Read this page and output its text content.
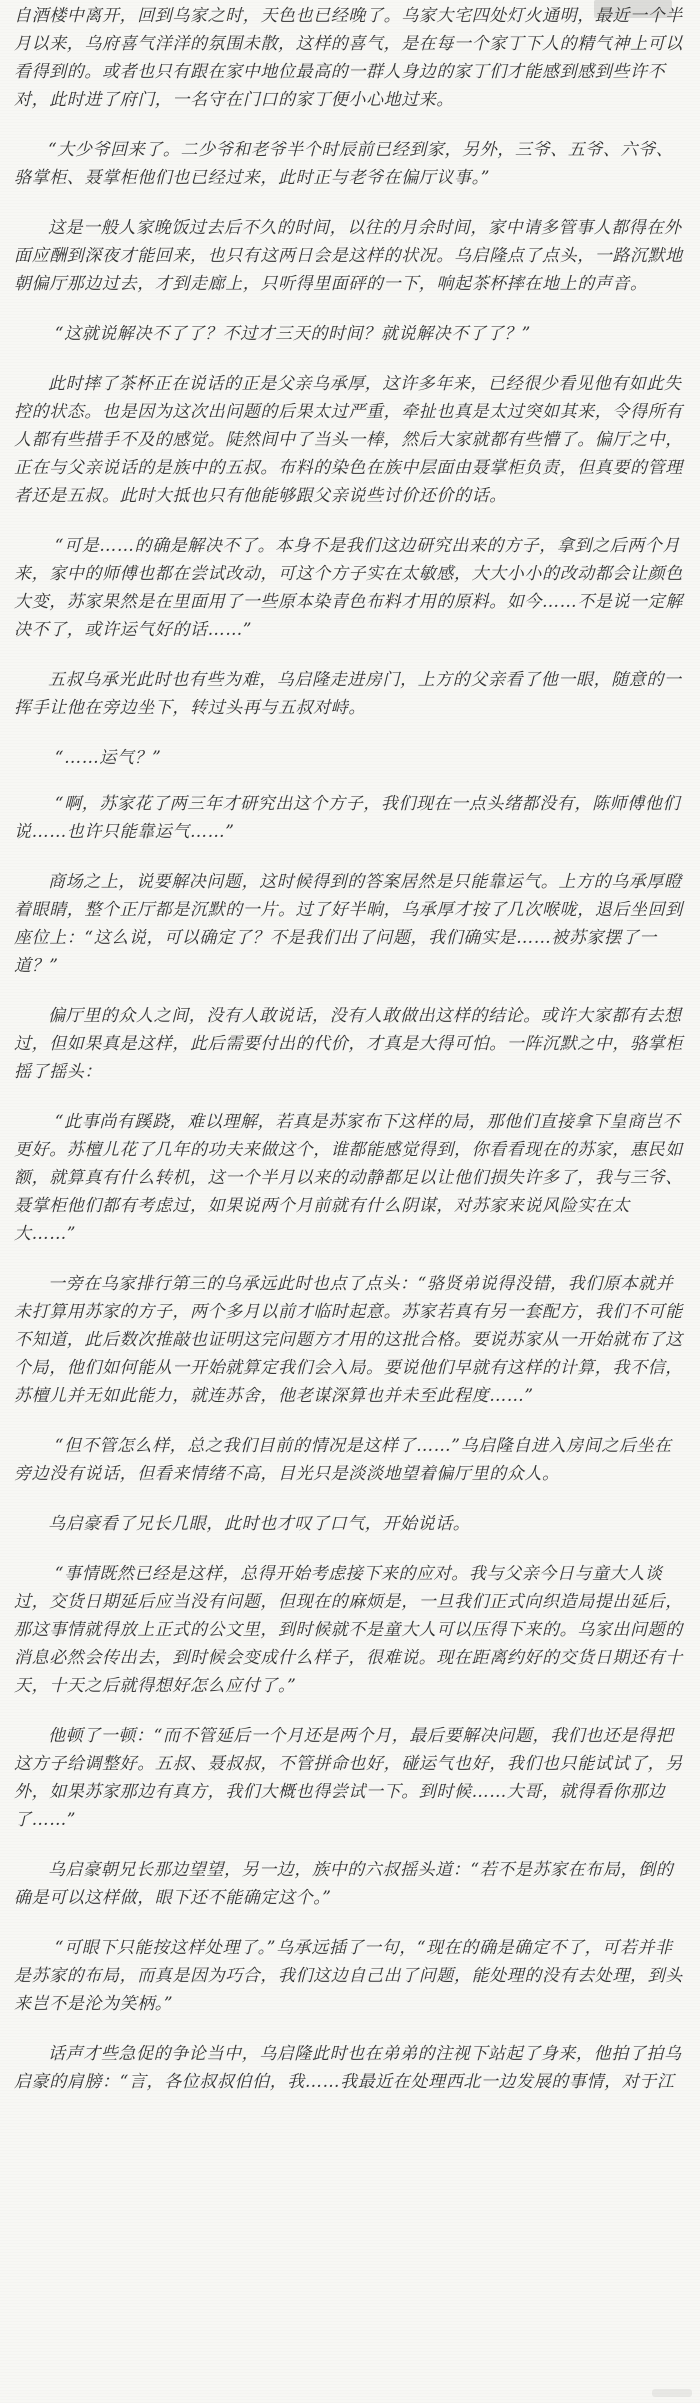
自酒楼中离开，回到乌家之时，天色也已经晚了。乌家大宅四处灯火通明，最近一个半月以来，乌府喜气洋洋的氛围未散，这样的喜气，是在每一个家丁下人的精气神上可以看得到的。或者也只有跟在家中地位最高的一群人身边的家丁们才能感到感到些许不对，此时进了府门，一名守在门口的家丁便小心地过来。

“大少爷回来了。二少爷和老爷半个时辰前已经到家，另外，三爷、五爷、六爷、骆掌柜、聂掌柜他们也已经过来，此时正与老爷在偏厅议事。”

这是一般人家晚饭过去后不久的时间，以往的月余时间，家中请多管事人都得在外面应酬到深夜才能回来，也只有这两日会是这样的状况。乌启隆点了点头，一路沉默地朝偏厅那边过去，才到走廊上，只听得里面砰的一下，响起茶杯摔在地上的声音。

“这就说解决不了了？不过才三天的时间？就说解决不了了？”

此时摔了茶杯正在说话的正是父亲乌承厚，这许多年来，已经很少看见他有如此失控的状态。也是因为这次出问题的后果太过严重，牵扯也真是太过突如其来，令得所有人都有些措手不及的感觉。陡然间中了当头一棒，然后大家就都有些懵了。偏厅之中，正在与父亲说话的是族中的五叔。布料的染色在族中层面由聂掌柜负责，但真要的管理者还是五叔。此时大抵也只有他能够跟父亲说些讨价还价的话。

“可是……的确是解决不了。本身不是我们这边研究出来的方子，拿到之后两个月来，家中的师傅也都在尝试改动，可这个方子实在太敏感，大大小小的改动都会让颜色大变，苏家果然是在里面用了一些原本染青色布料才用的原料。如今……不是说一定解决不了，或许运气好的话……”

五叔乌承光此时也有些为难，乌启隆走进房门，上方的父亲看了他一眼，随意的一挥手让他在旁边坐下，转过头再与五叔对峙。

“……运气？”

“啊，苏家花了两三年才研究出这个方子，我们现在一点头绪都没有，陈师傅他们说……也许只能靠运气……”

商场之上，说要解决问题，这时候得到的答案居然是只能靠运气。上方的乌承厚瞪着眼睛，整个正厅都是沉默的一片。过了好半晌，乌承厚才按了几次喉咙，退后坐回到座位上：“这么说，可以确定了？不是我们出了问题，我们确实是……被苏家摆了一道？”

偏厅里的众人之间，没有人敢说话，没有人敢做出这样的结论。或许大家都有去想过，但如果真是这样，此后需要付出的代价，才真是大得可怕。一阵沉默之中，骆掌柜摇了摇头：

“此事尚有蹊跷，难以理解，若真是苏家布下这样的局，那他们直接拿下皇商岂不更好。苏檀儿花了几年的功夫来做这个，谁都能感觉得到，你看看现在的苏家，惠民如额，就算真有什么转机，这一个半月以来的动静都足以让他们损失许多了，我与三爷、聂掌柜他们都有考虑过，如果说两个月前就有什么阴谋，对苏家来说风险实在太大……”

一旁在乌家排行第三的乌承远此时也点了点头：“骆贤弟说得没错，我们原本就并未打算用苏家的方子，两个多月以前才临时起意。苏家若真有另一套配方，我们不可能不知道，此后数次推敲也证明这完问题方才用的这批合格。要说苏家从一开始就布了这个局，他们如何能从一开始就算定我们会入局。要说他们早就有这样的计算，我不信，苏檀儿并无如此能力，就连苏舍，他老谋深算也并未至此程度……”

“但不管怎么样，总之我们目前的情况是这样了……”乌启隆自进入房间之后坐在旁边没有说话，但看来情绪不高，目光只是淡淡地望着偏厅里的众人。

乌启豪看了兄长几眼，此时也才叹了口气，开始说话。

“事情既然已经是这样，总得开始考虑接下来的应对。我与父亲今日与童大人谈过，交货日期延后应当没有问题，但现在的麻烦是，一旦我们正式向织造局提出延后，那这事情就得放上正式的公文里，到时候就不是童大人可以压得下来的。乌家出问题的消息必然会传出去，到时候会变成什么样子，很难说。现在距离约好的交货日期还有十天，十天之后就得想好怎么应付了。”

他顿了一顿：“而不管延后一个月还是两个月，最后要解决问题，我们也还是得把这方子给调整好。五叔、聂叔叔，不管拼命也好，碰运气也好，我们也只能试试了，另外，如果苏家那边有真方，我们大概也得尝试一下。到时候……大哥，就得看你那边了……”

乌启豪朝兄长那边望望，另一边，族中的六叔摇头道：“若不是苏家在布局，倒的确是可以这样做，眼下还不能确定这个。”

“可眼下只能按这样处理了。”乌承远插了一句，“现在的确是确定不了，可若并非是苏家的布局，而真是因为巧合，我们这边自己出了问题，能处理的没有去处理，到头来岂不是沦为笑柄。”

话声才些急促的争论当中，乌启隆此时也在弟弟的注视下站起了身来，他拍了拍乌启豪的肩膀：“言，各位叔叔伯伯，我……我最近在处理西北一边发展的事情，对于江
